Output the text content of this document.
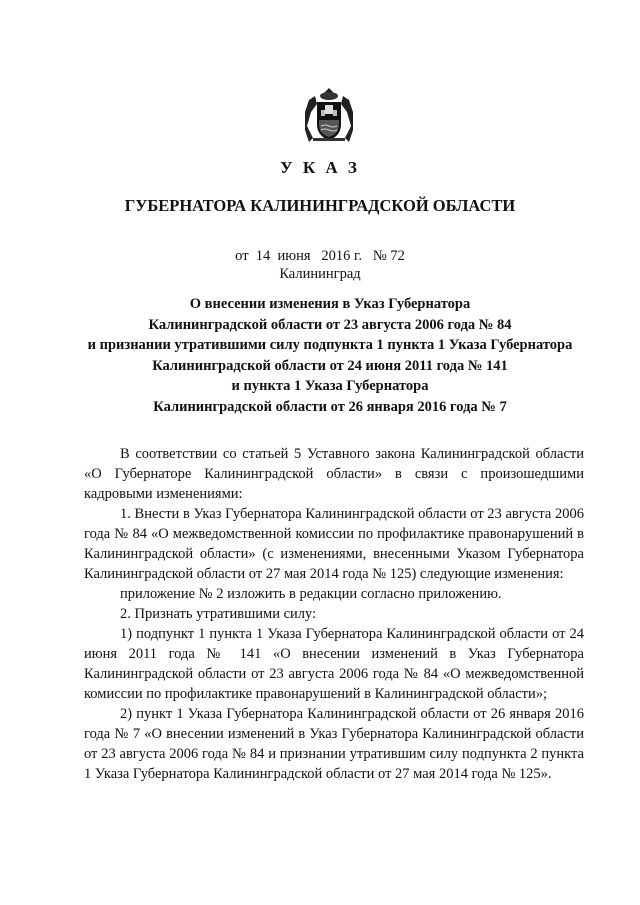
У К А З
ГУБЕРНАТОРА КАЛИНИНГРАДСКОЙ ОБЛАСТИ
от  14  июня   2016 г.   № 72
Калининград
О внесении изменения в Указ Губернатора
Калининградской области от 23 августа 2006 года № 84
и признании утратившими силу подпункта 1 пункта 1 Указа Губернатора
Калининградской области от 24 июня 2011 года № 141
и пункта 1 Указа Губернатора
Калининградской области от 26 января 2016 года № 7

В соответствии со статьей 5 Уставного закона Калининградской области «О Губернаторе Калининградской области» в связи с произошедшими кадровыми изменениями:

1. Внести в Указ Губернатора Калининградской области от 23 августа 2006 года № 84 «О межведомственной комиссии по профилактике правонарушений в Калининградской области» (с изменениями, внесенными Указом Губернатора Калининградской области от 27 мая 2014 года № 125) следующие изменения:

приложение № 2 изложить в редакции согласно приложению.

2. Признать утратившими силу:

1) подпункт 1 пункта 1 Указа Губернатора Калининградской области от 24 июня 2011 года № 141 «О внесении изменений в Указ Губернатора Калининградской области от 23 августа 2006 года № 84 «О межведомственной комиссии по профилактике правонарушений в Калининградской области»;

2) пункт 1 Указа Губернатора Калининградской области от 26 января 2016 года № 7 «О внесении изменений в Указ Губернатора Калининградской области от 23 августа 2006 года № 84 и признании утратившим силу подпункта 2 пункта 1 Указа Губернатора Калининградской области от 27 мая 2014 года № 125».
